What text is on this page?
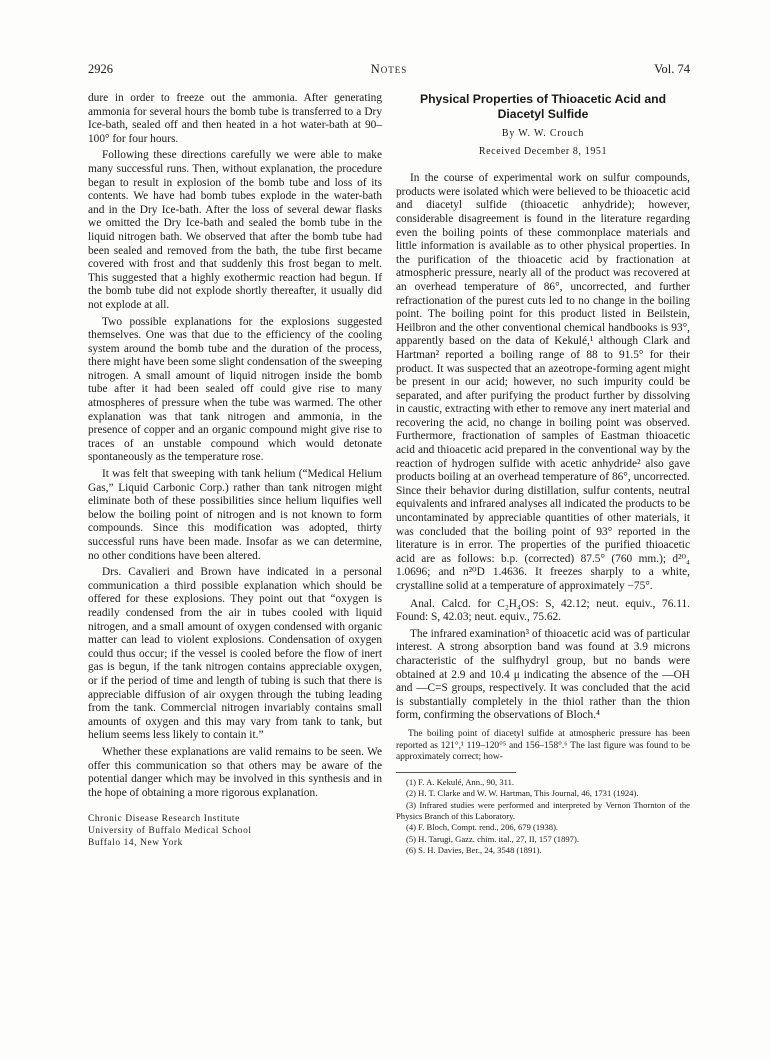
2926	Notes	Vol. 74

dure in order to freeze out the ammonia. After generating ammonia for several hours the bomb tube is transferred to a Dry Ice-bath, sealed off and then heated in a hot water-bath at 90–100° for four hours.

Following these directions carefully we were able to make many successful runs. Then, without explanation, the procedure began to result in explosion of the bomb tube and loss of its contents. We have had bomb tubes explode in the water-bath and in the Dry Ice-bath. After the loss of several dewar flasks we omitted the Dry Ice-bath and sealed the bomb tube in the liquid nitrogen bath. We observed that after the bomb tube had been sealed and removed from the bath, the tube first became covered with frost and that suddenly this frost began to melt. This suggested that a highly exothermic reaction had begun. If the bomb tube did not explode shortly thereafter, it usually did not explode at all.

Two possible explanations for the explosions suggested themselves. One was that due to the efficiency of the cooling system around the bomb tube and the duration of the process, there might have been some slight condensation of the sweeping nitrogen. A small amount of liquid nitrogen inside the bomb tube after it had been sealed off could give rise to many atmospheres of pressure when the tube was warmed. The other explanation was that tank nitrogen and ammonia, in the presence of copper and an organic compound might give rise to traces of an unstable compound which would detonate spontaneously as the temperature rose.

It was felt that sweeping with tank helium (“Medical Helium Gas,” Liquid Carbonic Corp.) rather than tank nitrogen might eliminate both of these possibilities since helium liquifies well below the boiling point of nitrogen and is not known to form compounds. Since this modification was adopted, thirty successful runs have been made. Insofar as we can determine, no other conditions have been altered.

Drs. Cavalieri and Brown have indicated in a personal communication a third possible explanation which should be offered for these explosions. They point out that “oxygen is readily condensed from the air in tubes cooled with liquid nitrogen, and a small amount of oxygen condensed with organic matter can lead to violent explosions. Condensation of oxygen could thus occur; if the vessel is cooled before the flow of inert gas is begun, if the tank nitrogen contains appreciable oxygen, or if the period of time and length of tubing is such that there is appreciable diffusion of air oxygen through the tubing leading from the tank. Commercial nitrogen invariably contains small amounts of oxygen and this may vary from tank to tank, but helium seems less likely to contain it.”

Whether these explanations are valid remains to be seen. We offer this communication so that others may be aware of the potential danger which may be involved in this synthesis and in the hope of obtaining a more rigorous explanation.

Chronic Disease Research Institute
University of Buffalo Medical School
Buffalo 14, New York
Physical Properties of Thioacetic Acid and Diacetyl Sulfide
By W. W. Crouch
Received December 8, 1951

In the course of experimental work on sulfur compounds, products were isolated which were believed to be thioacetic acid and diacetyl sulfide (thioacetic anhydride); however, considerable disagreement is found in the literature regarding even the boiling points of these commonplace materials and little information is available as to other physical properties. In the purification of the thioacetic acid by fractionation at atmospheric pressure, nearly all of the product was recovered at an overhead temperature of 86°, uncorrected, and further refractionation of the purest cuts led to no change in the boiling point. The boiling point for this product listed in Beilstein, Heilbron and the other conventional chemical handbooks is 93°, apparently based on the data of Kekulé,¹ although Clark and Hartman² reported a boiling range of 88 to 91.5° for their product. It was suspected that an azeotrope-forming agent might be present in our acid; however, no such impurity could be separated, and after purifying the product further by dissolving in caustic, extracting with ether to remove any inert material and recovering the acid, no change in boiling point was observed. Furthermore, fractionation of samples of Eastman thioacetic acid and thioacetic acid prepared in the conventional way by the reaction of hydrogen sulfide with acetic anhydride² also gave products boiling at an overhead temperature of 86°, uncorrected. Since their behavior during distillation, sulfur contents, neutral equivalents and infrared analyses all indicated the products to be uncontaminated by appreciable quantities of other materials, it was concluded that the boiling point of 93° reported in the literature is in error. The properties of the purified thioacetic acid are as follows: b.p. (corrected) 87.5° (760 mm.); d²⁰₄ 1.0696; and n²⁰D 1.4636. It freezes sharply to a white, crystalline solid at a temperature of approximately −75°.

Anal. Calcd. for C₂H₄OS: S, 42.12; neut. equiv., 76.11. Found: S, 42.03; neut. equiv., 75.62.

The infrared examination³ of thioacetic acid was of particular interest. A strong absorption band was found at 3.9 microns characteristic of the sulfhydryl group, but no bands were obtained at 2.9 and 10.4 μ indicating the absence of the —OH and —C=S groups, respectively. It was concluded that the acid is substantially completely in the thiol rather than the thion form, confirming the observations of Bloch.⁴

The boiling point of diacetyl sulfide at atmospheric pressure has been reported as 121°,¹ 119–120°⁵ and 156–158°.⁶ The last figure was found to be approximately correct; how-
(1) F. A. Kekulé, Ann., 90, 311.
(2) H. T. Clarke and W. W. Hartman, This Journal, 46, 1731 (1924).
(3) Infrared studies were performed and interpreted by Vernon Thornton of the Physics Branch of this Laboratory.
(4) F. Bloch, Compt. rend., 206, 679 (1938).
(5) H. Tarugi, Gazz. chim. ital., 27, II, 157 (1897).
(6) S. H. Davies, Ber., 24, 3548 (1891).
